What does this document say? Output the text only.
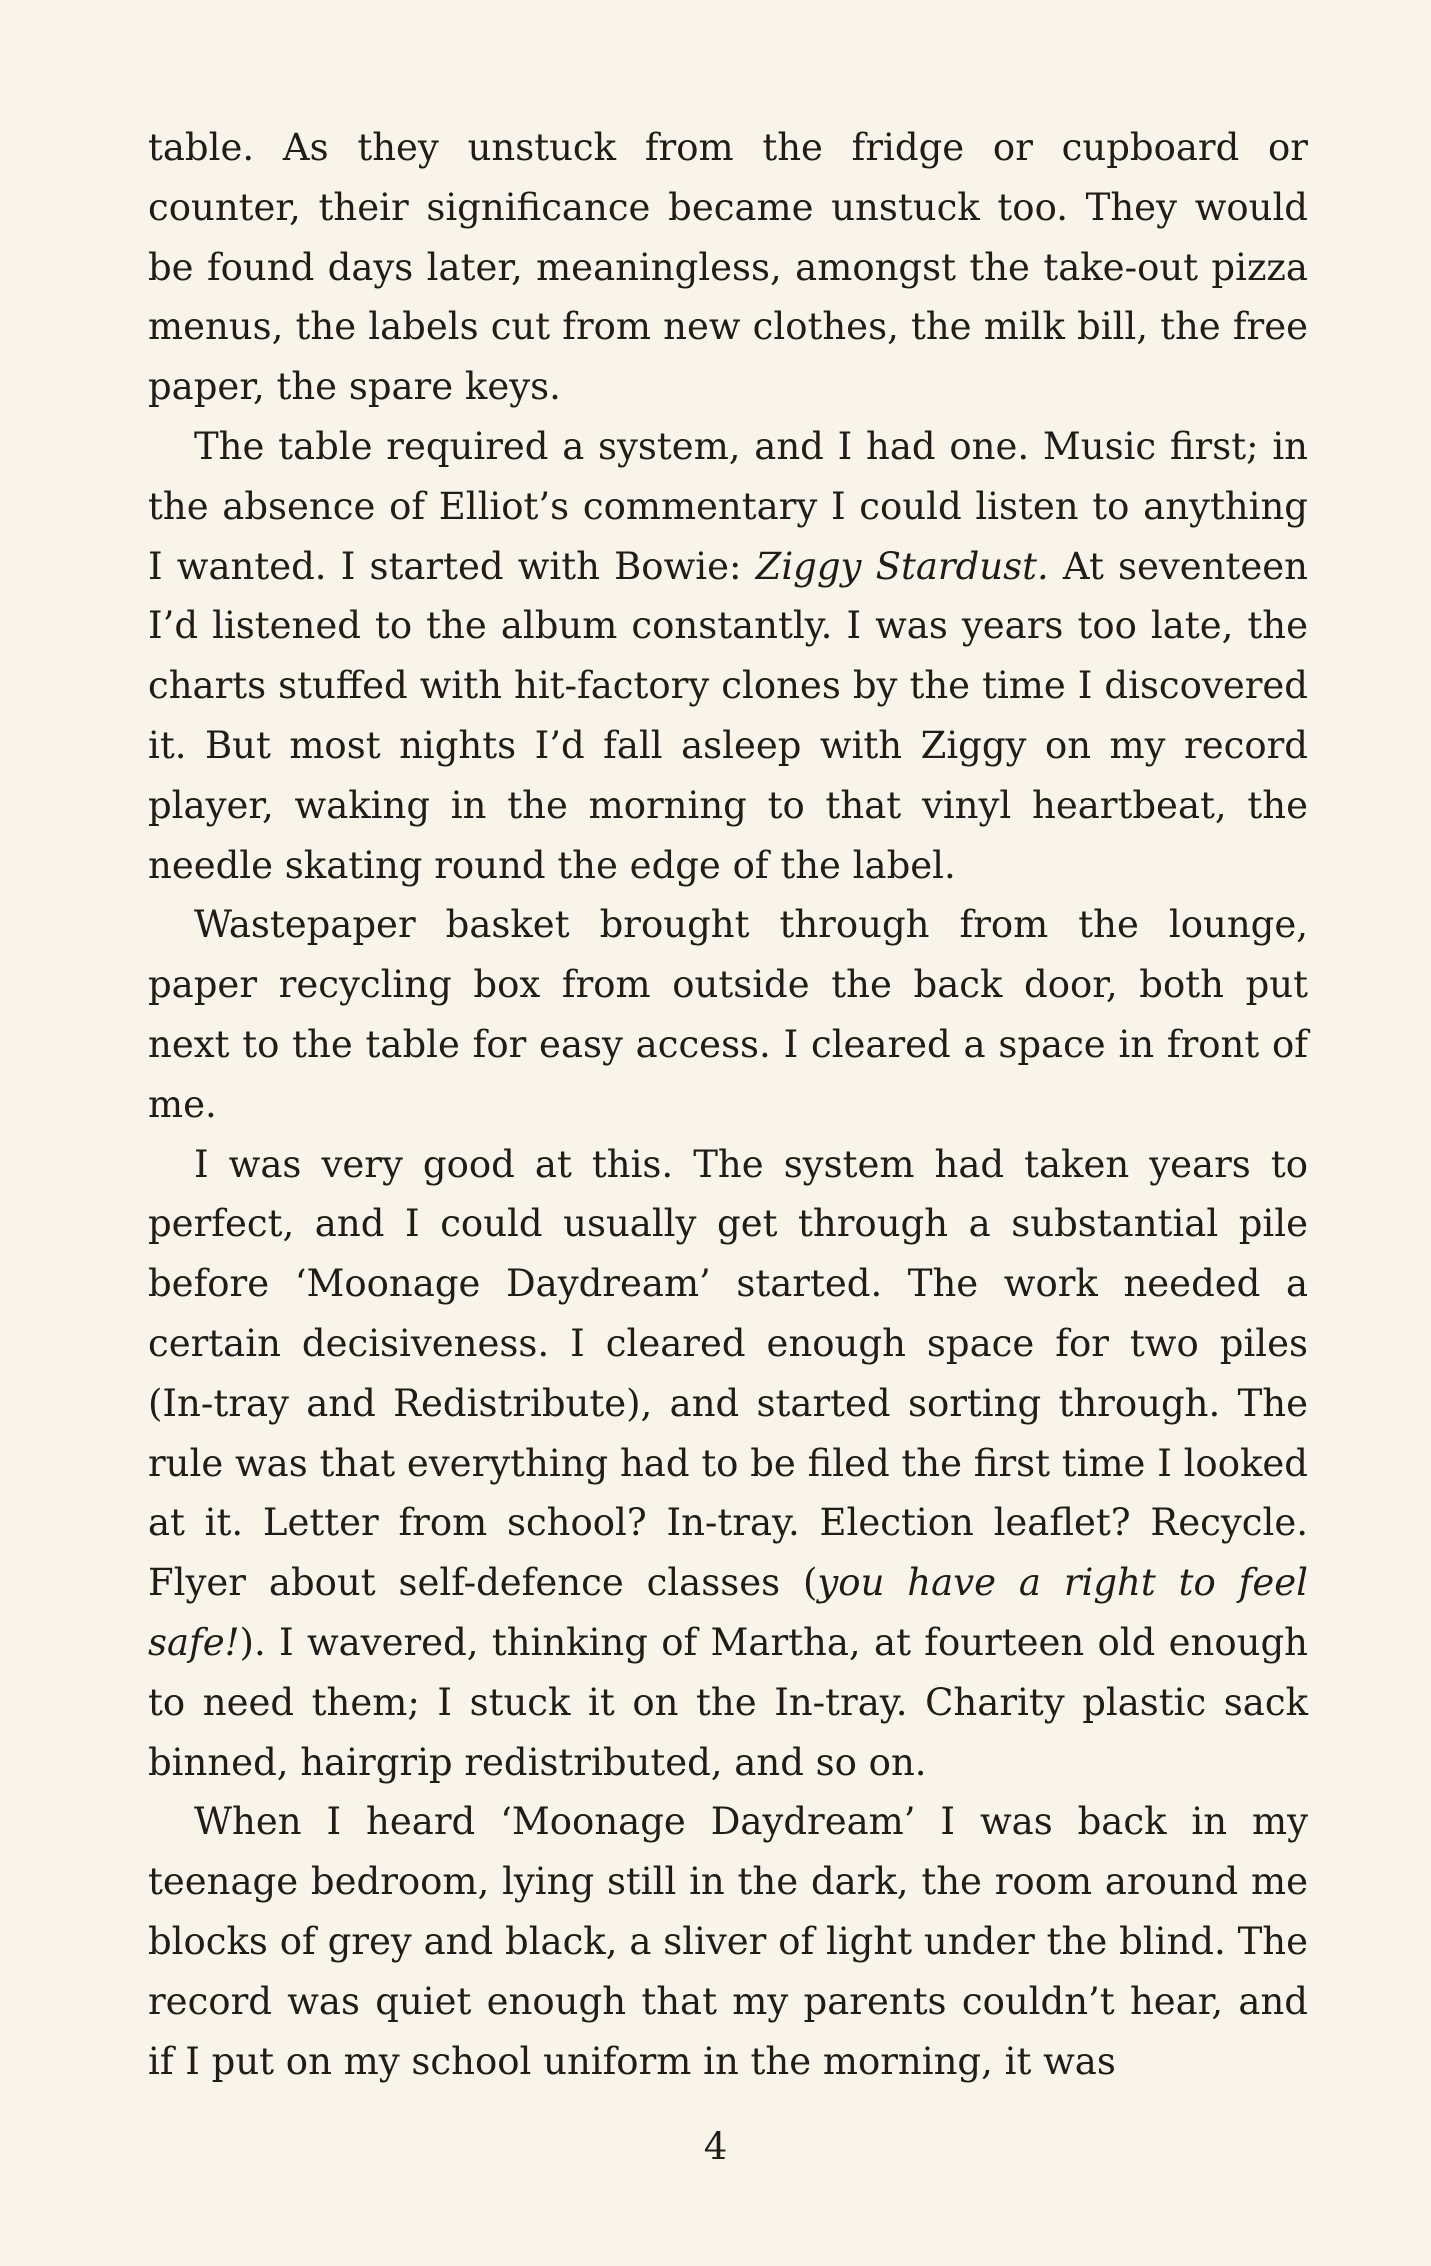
table. As they unstuck from the fridge or cupboard or counter, their significance became unstuck too. They would be found days later, meaningless, amongst the take-out pizza menus, the labels cut from new clothes, the milk bill, the free paper, the spare keys.

The table required a system, and I had one. Music first; in the absence of Elliot’s commentary I could listen to anything I wanted. I started with Bowie: Ziggy Stardust. At seventeen I’d listened to the album constantly. I was years too late, the charts stuffed with hit-factory clones by the time I discovered it. But most nights I’d fall asleep with Ziggy on my record player, waking in the morning to that vinyl heartbeat, the needle skating round the edge of the label.

Wastepaper basket brought through from the lounge, paper recycling box from outside the back door, both put next to the table for easy access. I cleared a space in front of me.

I was very good at this. The system had taken years to perfect, and I could usually get through a substantial pile before ‘Moonage Daydream’ started. The work needed a certain decisiveness. I cleared enough space for two piles (In-tray and Redistribute), and started sorting through. The rule was that everything had to be filed the first time I looked at it. Letter from school? In-tray. Election leaflet? Recycle. Flyer about self-defence classes (you have a right to feel safe!). I wavered, thinking of Martha, at fourteen old enough to need them; I stuck it on the In-tray. Charity plastic sack binned, hairgrip redistributed, and so on.

When I heard ‘Moonage Daydream’ I was back in my teenage bedroom, lying still in the dark, the room around me blocks of grey and black, a sliver of light under the blind. The record was quiet enough that my parents couldn’t hear, and if I put on my school uniform in the morning, it was

4
